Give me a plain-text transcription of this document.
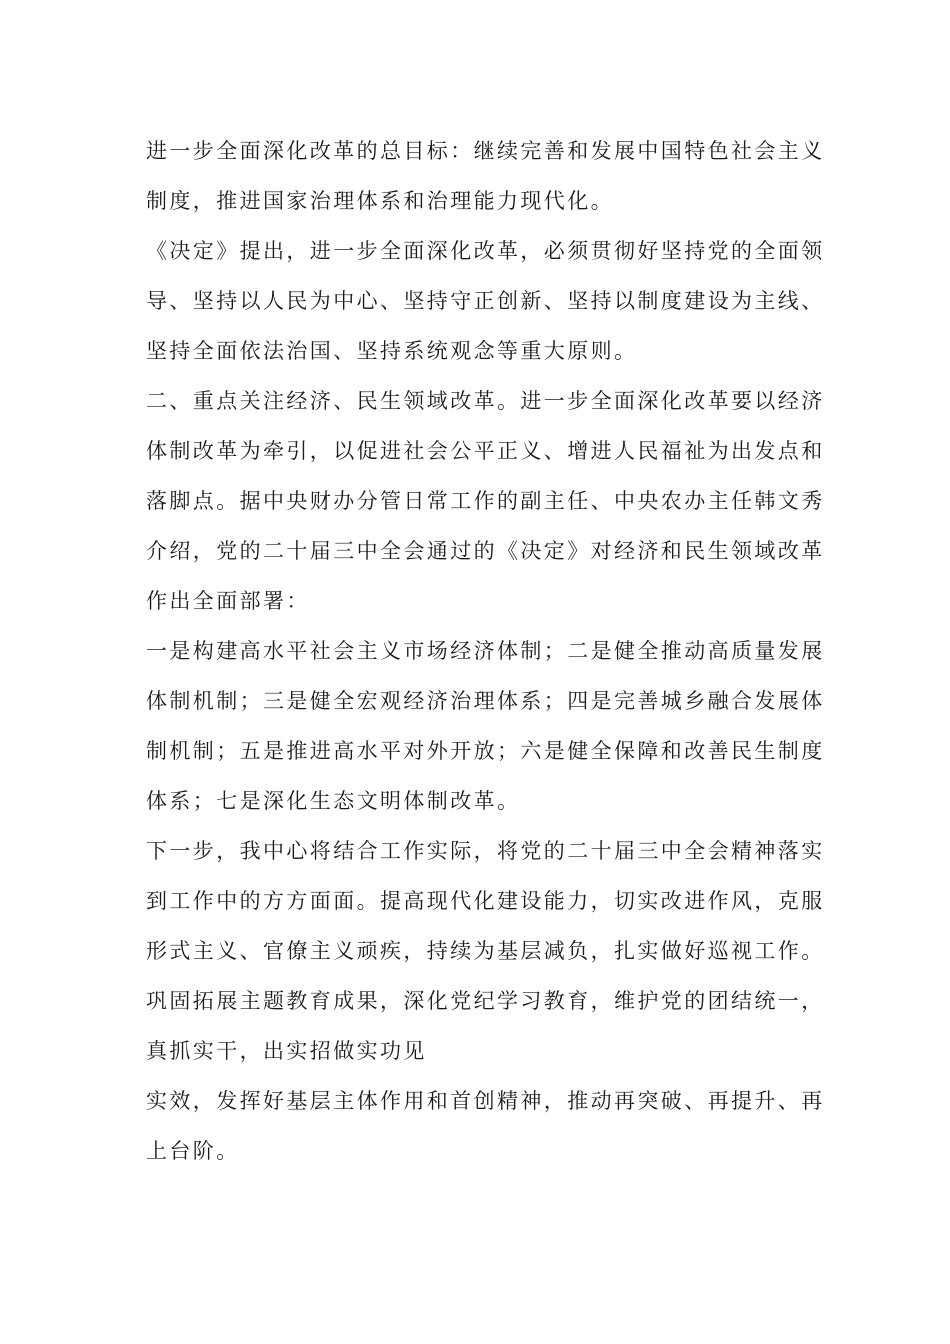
进一步全面深化改革的总目标：继续完善和发展中国特色社会主义

制度，推进国家治理体系和治理能力现代化。

《决定》提出，进一步全面深化改革，必须贯彻好坚持党的全面领

导、坚持以人民为中心、坚持守正创新、坚持以制度建设为主线、

坚持全面依法治国、坚持系统观念等重大原则。

二、重点关注经济、民生领域改革。进一步全面深化改革要以经济

体制改革为牵引，以促进社会公平正义、增进人民福祉为出发点和

落脚点。据中央财办分管日常工作的副主任、中央农办主任韩文秀

介绍，党的二十届三中全会通过的《决定》对经济和民生领域改革

作出全面部署：

一是构建高水平社会主义市场经济体制；二是健全推动高质量发展

体制机制；三是健全宏观经济治理体系；四是完善城乡融合发展体

制机制；五是推进高水平对外开放；六是健全保障和改善民生制度

体系；七是深化生态文明体制改革。

下一步，我中心将结合工作实际，将党的二十届三中全会精神落实

到工作中的方方面面。提高现代化建设能力，切实改进作风，克服

形式主义、官僚主义顽疾，持续为基层减负，扎实做好巡视工作。

巩固拓展主题教育成果，深化党纪学习教育，维护党的团结统一，

真抓实干，出实招做实功见

实效，发挥好基层主体作用和首创精神，推动再突破、再提升、再

上台阶。
